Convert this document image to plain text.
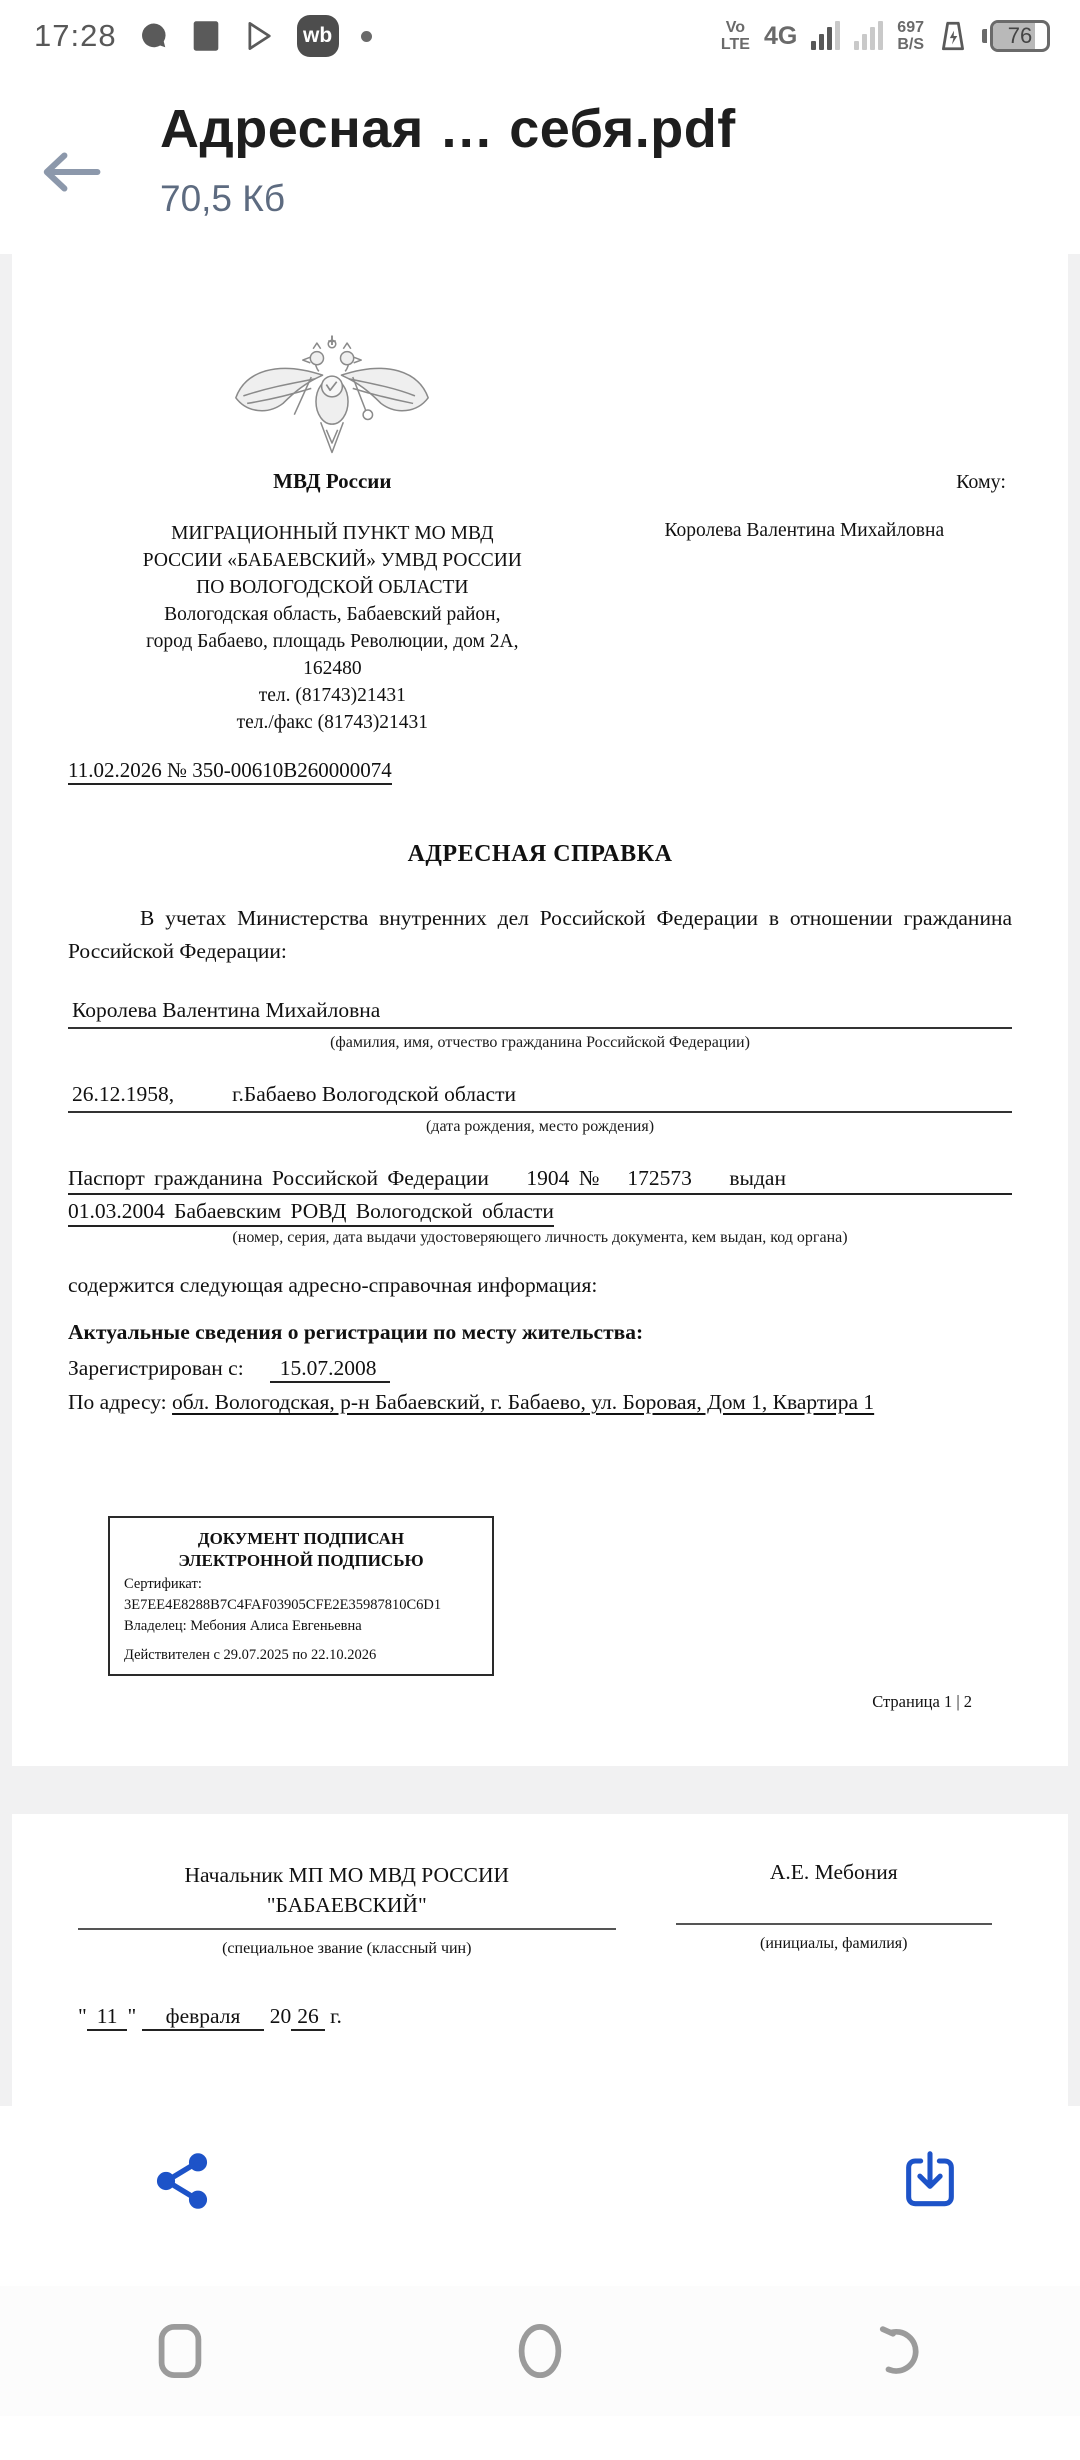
17:28	wb	Vo
LTE 4G	697
B/S	76
Адресная … себя.pdf
70,5 Кб
МВД России	Кому:
МИГРАЦИОННЫЙ ПУНКТ МО МВД
РОССИИ «БАБАЕВСКИЙ» УМВД РОССИИ
ПО ВОЛОГОДСКОЙ ОБЛАСТИ
Вологодская область, Бабаевский район,
город Бабаево, площадь Революции, дом 2А,
162480
тел. (81743)21431
тел./факс (81743)21431
Королева Валентина Михайловна
11.02.2026 № 350-00610В260000074
АДРЕСНАЯ СПРАВКА
В учетах Министерства внутренних дел Российской Федерации в отношении гражданина Российской Федерации:
Королева Валентина Михайловна
(фамилия, имя, отчество гражданина Российской Федерации)
26.12.1958,	г.Бабаево Вологодской области
(дата рождения, место рождения)
Паспорт гражданина Российской Федерации    1904 №   172573    выдан
01.03.2004 Бабаевским РОВД Вологодской области
(номер, серия, дата выдачи удостоверяющего личность документа, кем выдан, код органа)
содержится следующая адресно-справочная информация:
Актуальные сведения о регистрации по месту жительства:
Зарегистрирован с: 15.07.2008
По адресу: обл. Вологодская, р-н Бабаевский, г. Бабаево, ул. Боровая, Дом 1, Квартира 1
ДОКУМЕНТ ПОДПИСАН
ЭЛЕКТРОННОЙ ПОДПИСЬЮ
Сертификат:
3E7EE4E8288B7C4FAF03905CFE2E35987810C6D1
Владелец: Мебония Алиса Евгеньевна
Действителен с 29.07.2025 по 22.10.2026
Страница 1 | 2
Начальник МП МО МВД РОССИИ
"БАБАЕВСКИЙ"
(специальное звание (классный чин)
А.Е. Мебония
(инициалы, фамилия)
" 11 " февраля 20 26 г.
